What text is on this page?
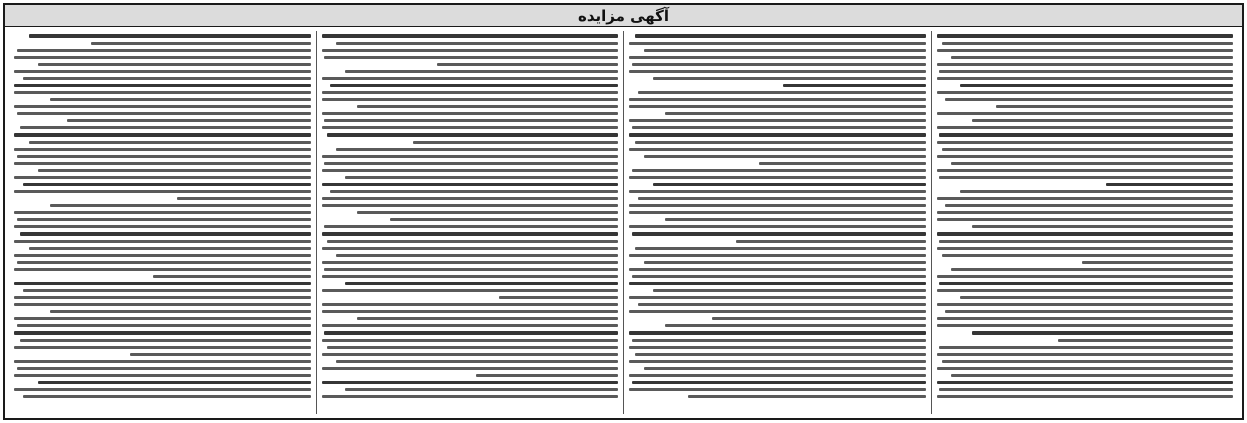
آگهی مزایده
